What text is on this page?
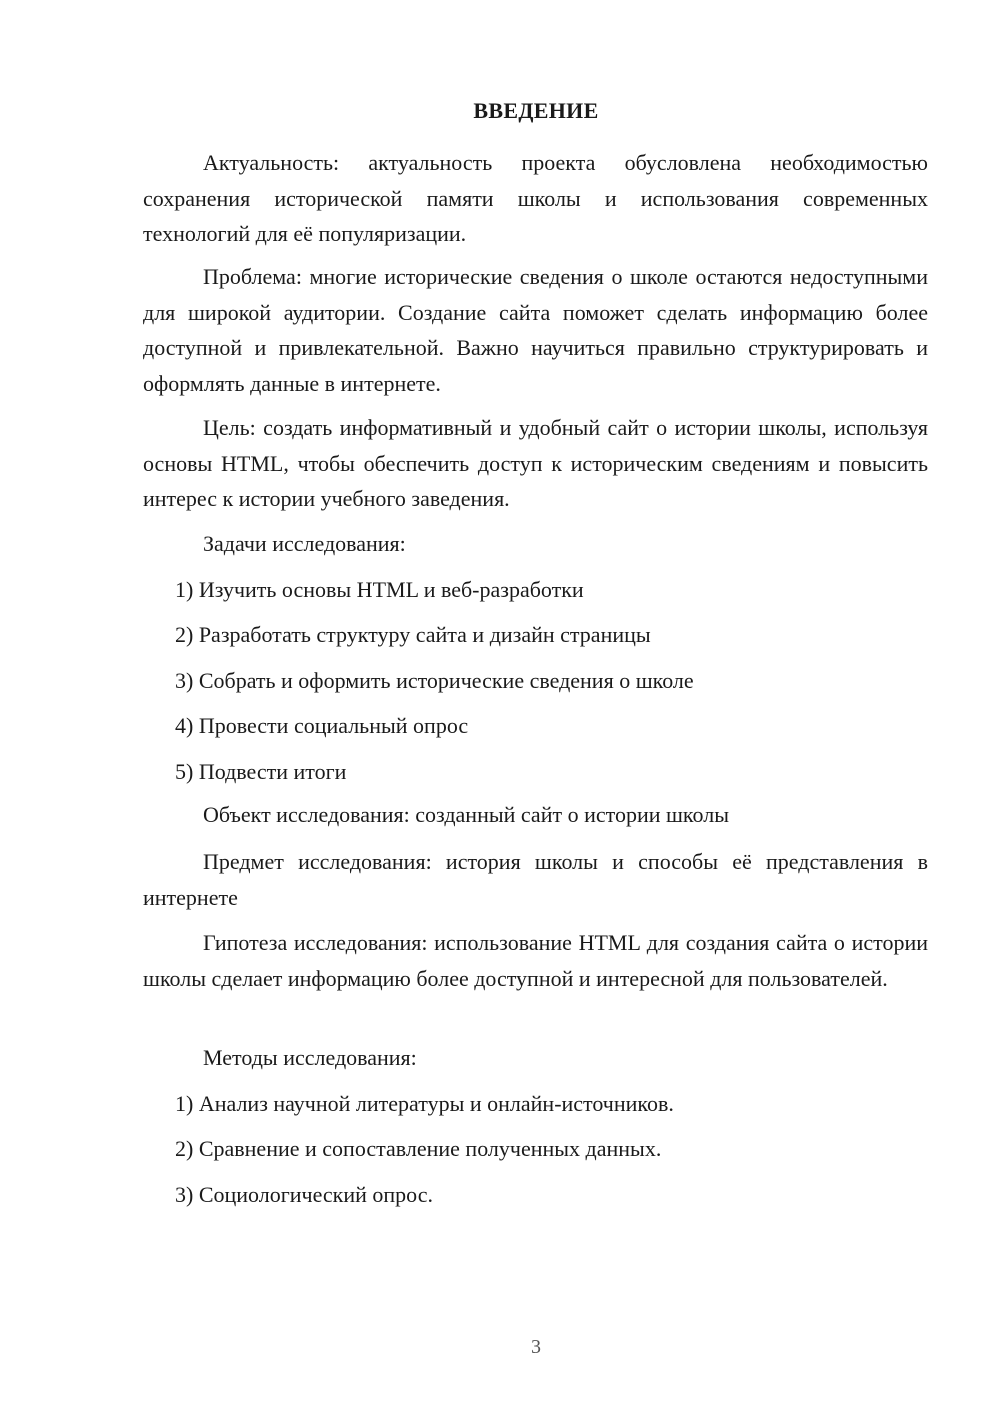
ВВЕДЕНИЕ
Актуальность: актуальность проекта обусловлена необходимостью сохранения исторической памяти школы и использования современных технологий для её популяризации.
Проблема: многие исторические сведения о школе остаются недоступными для широкой аудитории. Создание сайта поможет сделать информацию более доступной и привлекательной. Важно научиться правильно структурировать и оформлять данные в интернете.
Цель: создать информативный и удобный сайт о истории школы, используя основы HTML, чтобы обеспечить доступ к историческим сведениям и повысить интерес к истории учебного заведения.
Задачи исследования:
1) Изучить основы HTML и веб-разработки
2) Разработать структуру сайта и дизайн страницы
3) Собрать и оформить исторические сведения о школе
4) Провести социальный опрос
5) Подвести итоги
Объект исследования: созданный сайт о истории школы
Предмет исследования: история школы и способы её представления в интернете
Гипотеза исследования: использование HTML для создания сайта о истории школы сделает информацию более доступной и интересной для пользователей.
Методы исследования:
1) Анализ научной литературы и онлайн-источников.
2) Сравнение и сопоставление полученных данных.
3) Социологический опрос.
3
